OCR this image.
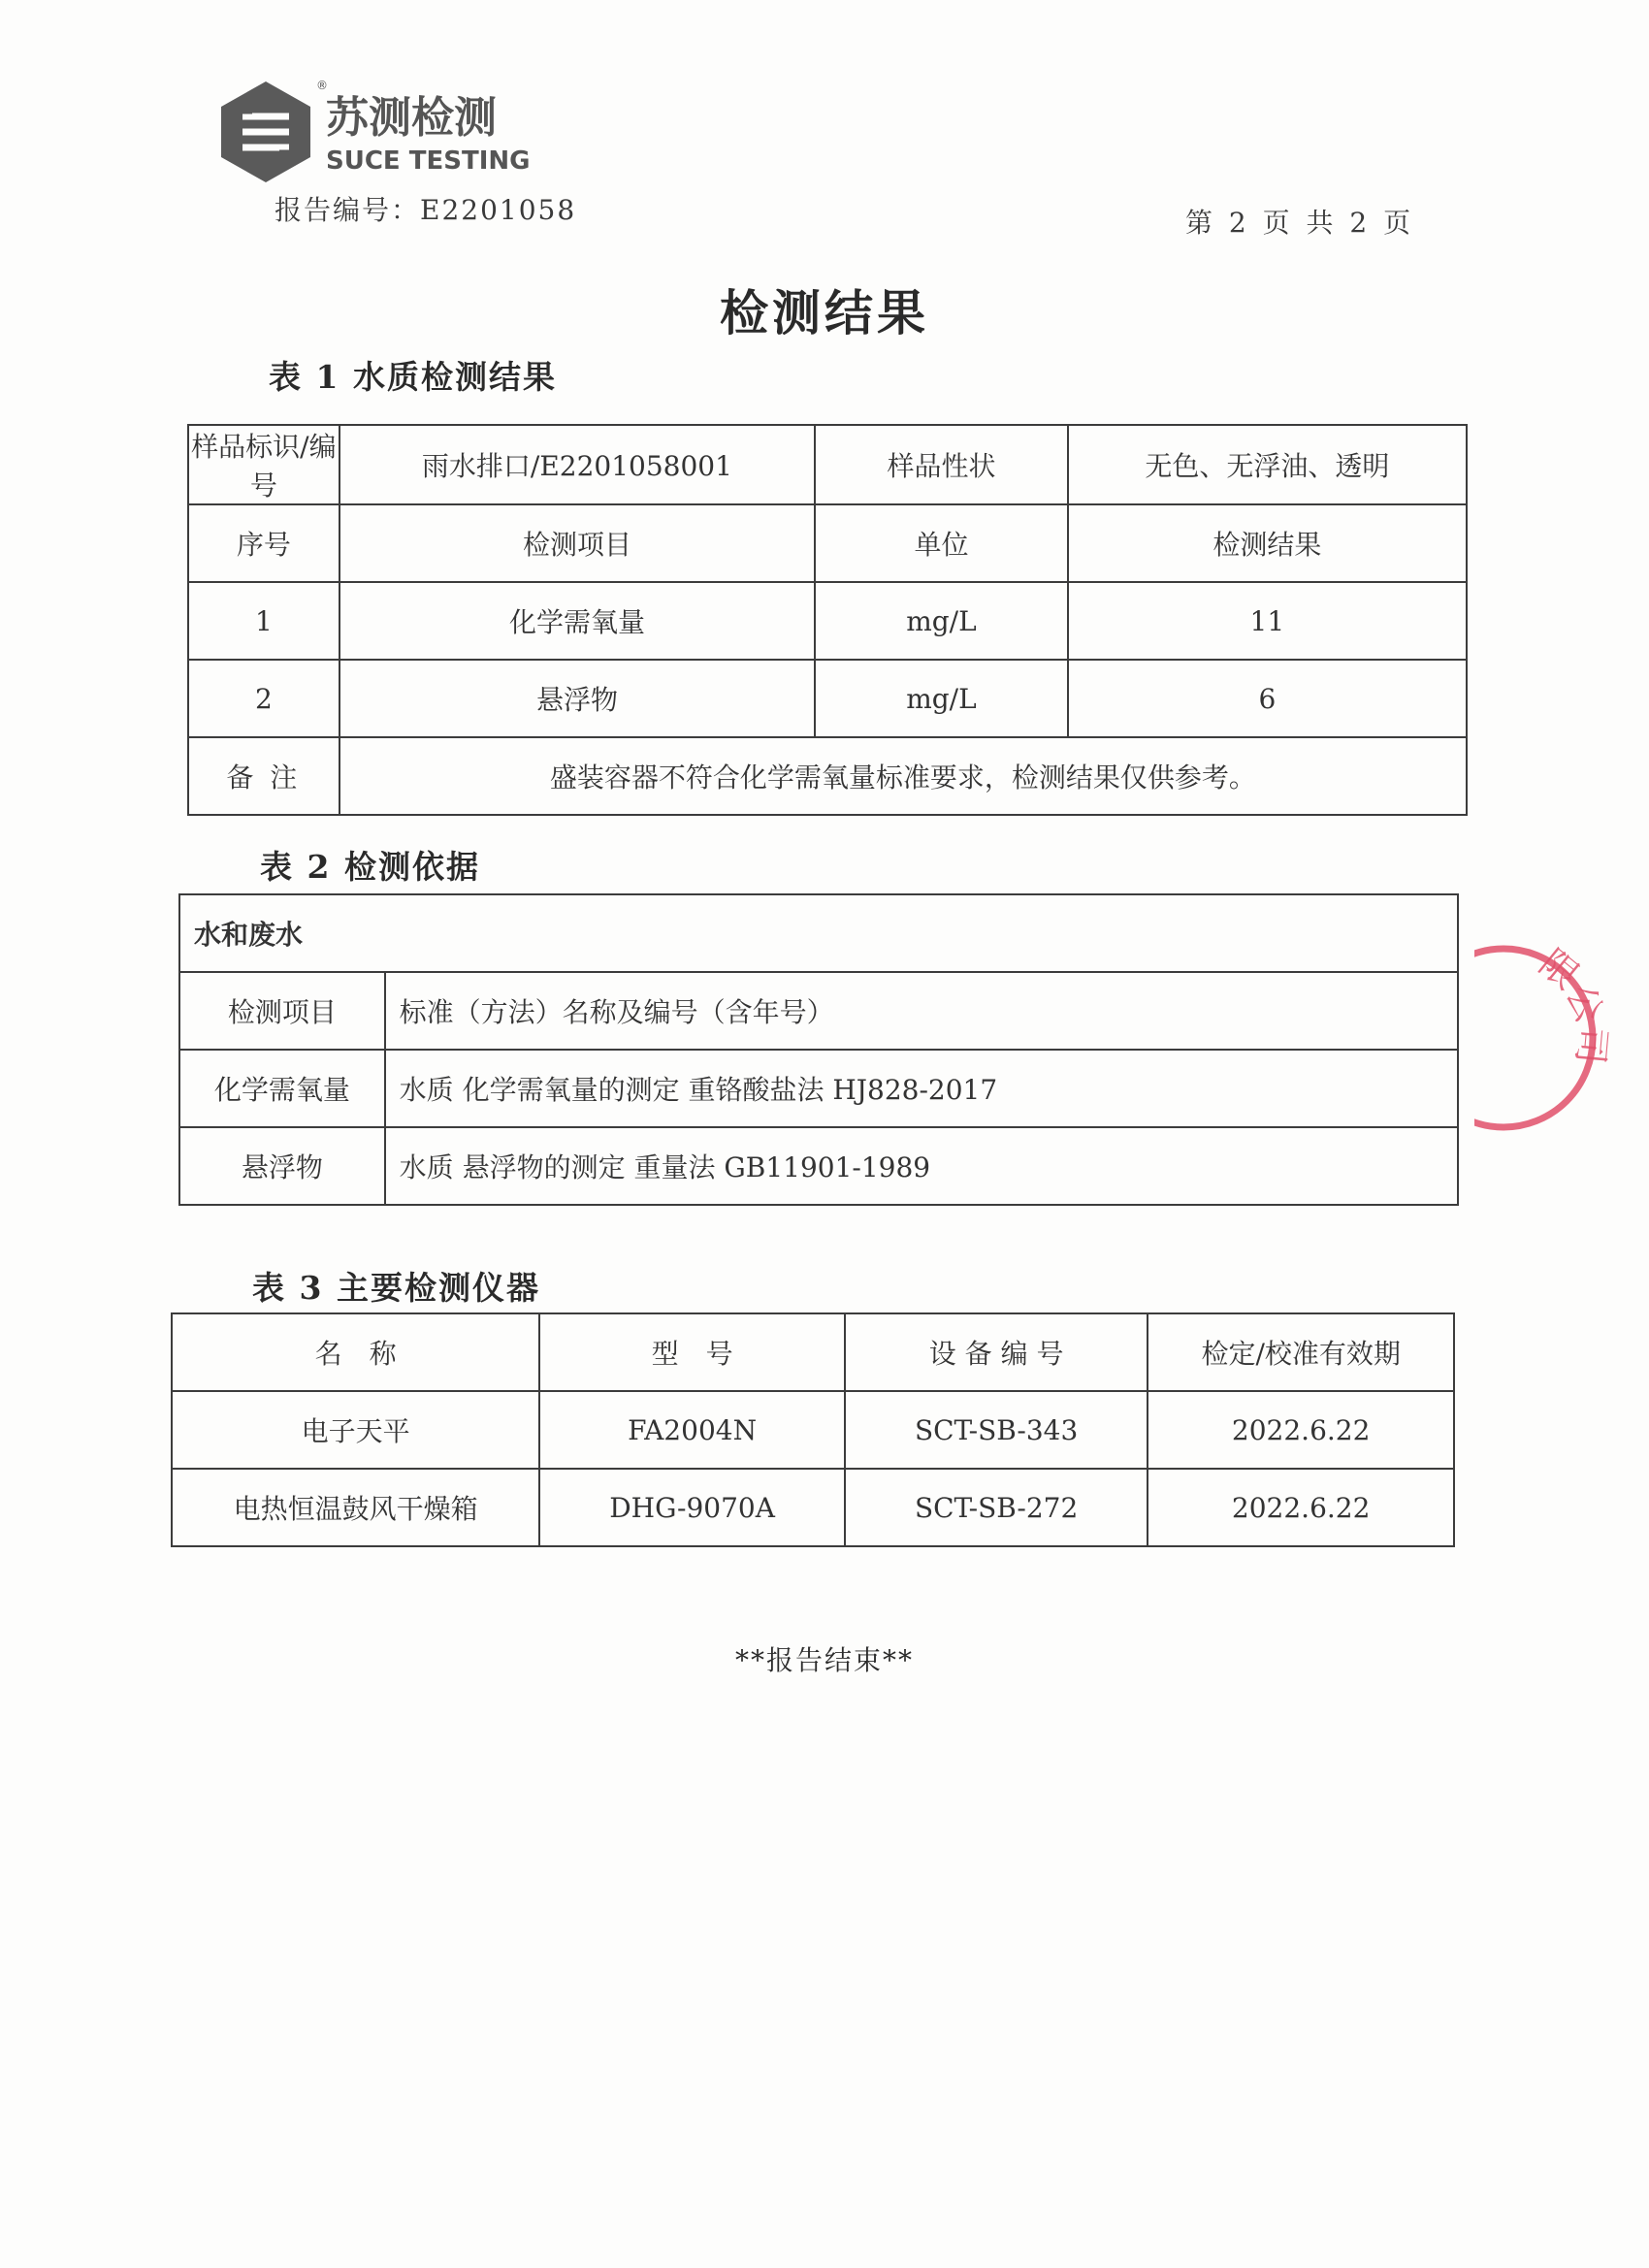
苏测检测
SUCE TESTING
®
报告编号：E2201058	第 2 页 共 2 页
检测结果
表 1 水质检测结果
样品标识/编号	雨水排口/E2201058001	样品性状	无色、无浮油、透明
序号	检测项目	单位	检测结果
1	化学需氧量	mg/L	11
2	悬浮物	mg/L	6
备 注	盛装容器不符合化学需氧量标准要求，检测结果仅供参考。		
表 2 检测依据
水和废水	
检测项目	标准（方法）名称及编号（含年号）
化学需氧量	水质 化学需氧量的测定 重铬酸盐法 HJ828-2017
悬浮物	水质 悬浮物的测定 重量法 GB11901-1989
表 3 主要检测仪器
名　称	型　号	设 备 编 号	检定/校准有效期
电子天平	FA2004N	SCT-SB-343	2022.6.22
电热恒温鼓风干燥箱	DHG-9070A	SCT-SB-272	2022.6.22
**报告结束**
限公司
